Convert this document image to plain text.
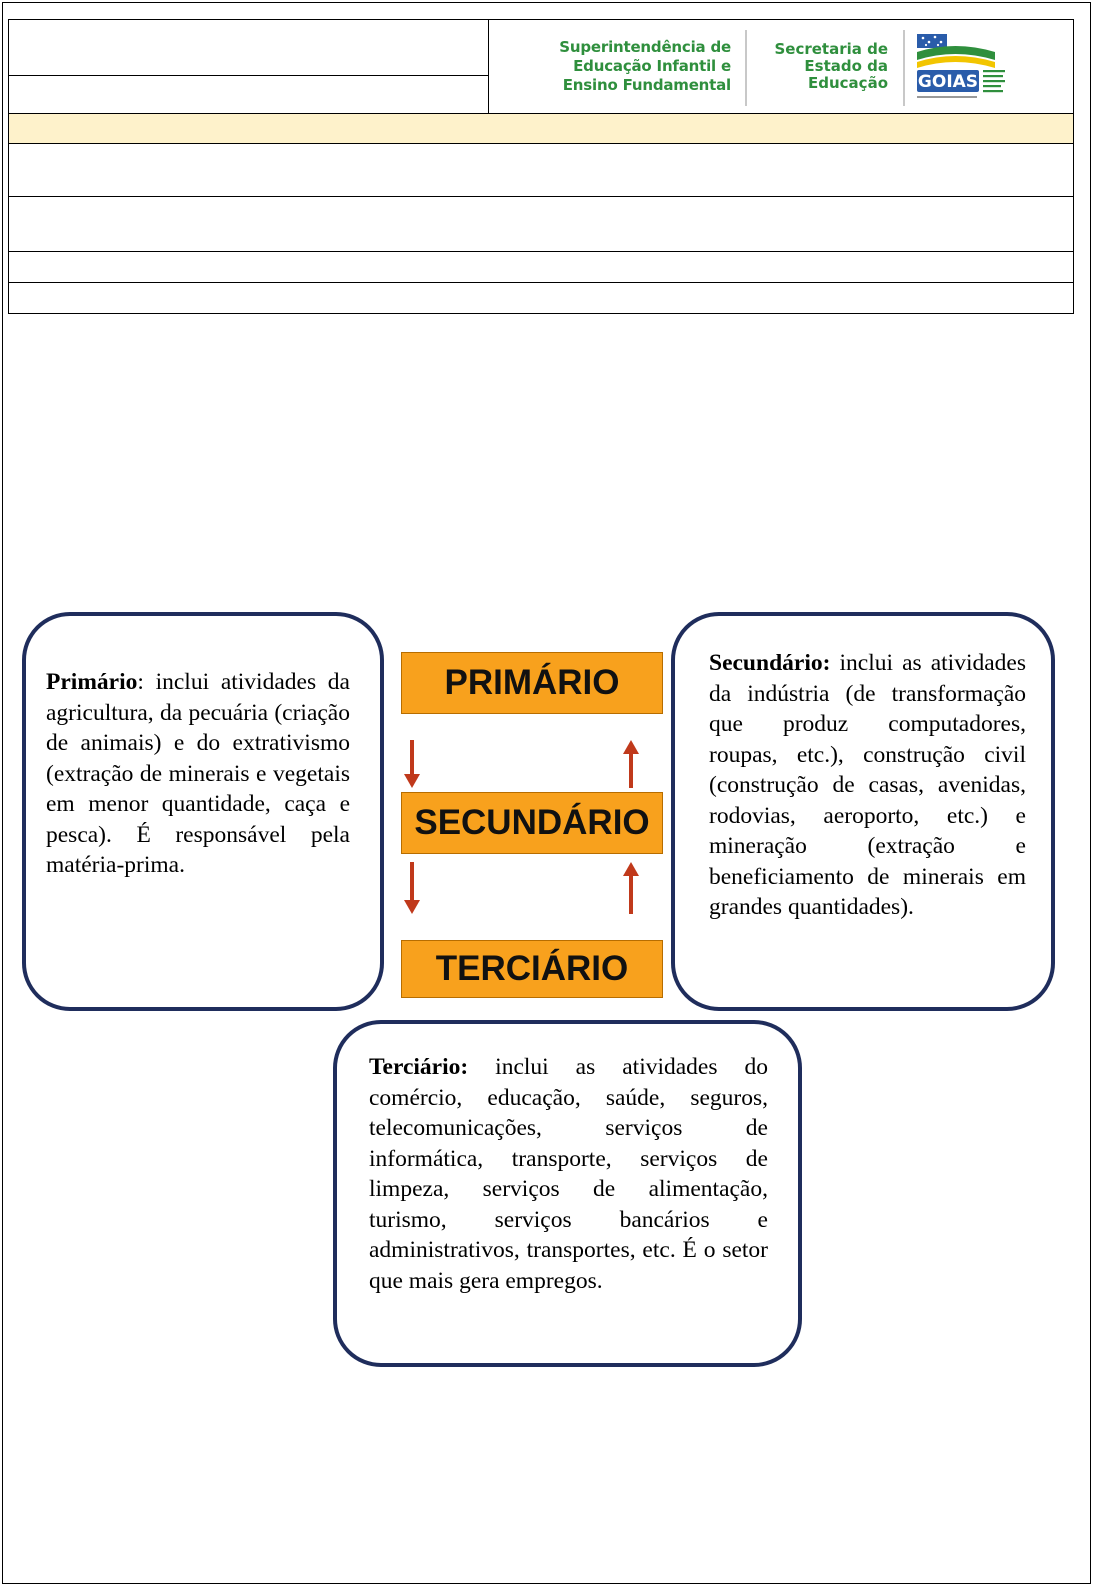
Superintendência de
Educação Infantil e
Ensino Fundamental
Secretaria de
Estado da
Educação GOIAS

Primário: inclui atividades da agricultura, da pecuária (criação de animais) e do extrativismo (extração de minerais e vegetais em menor quantidade, caça e pesca). É responsável pela matéria-prima.
Secundário: inclui as atividades da indústria (de transformação que produz computadores, roupas, etc.), construção civil (construção de casas, avenidas, rodovias, aeroporto, etc.) e mineração (extração e beneficiamento de minerais em grandes quantidades).
Terciário: inclui as atividades do comércio, educação, saúde, seguros, telecomunicações, serviços de informática, transporte, serviços de limpeza, serviços de alimentação, turismo, serviços bancários e administrativos, transportes, etc. É o setor que mais gera empregos.
PRIMÁRIO
SECUNDÁRIO
TERCIÁRIO
